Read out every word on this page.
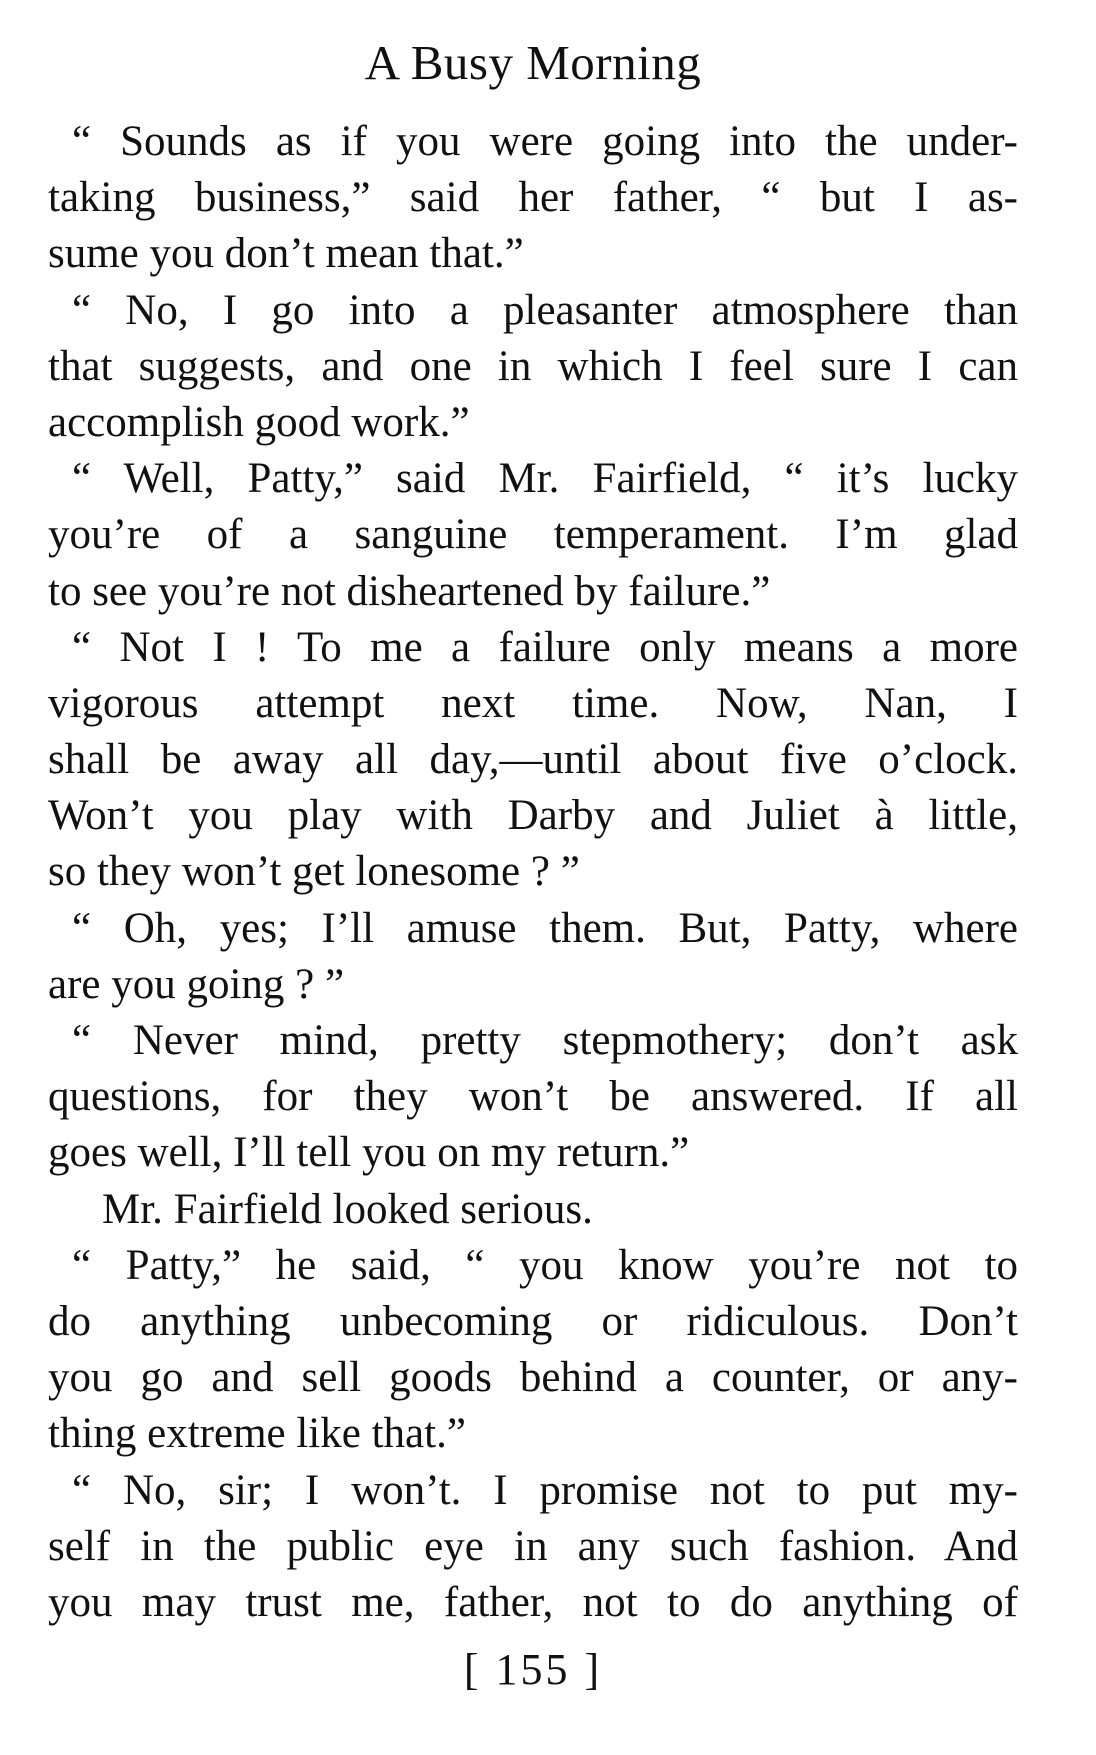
A Busy Morning
“ Sounds as if you were going into the under-
taking business,” said her father, “ but I as-
sume you don’t mean that.”
“ No, I go into a pleasanter atmosphere than
that suggests, and one in which I feel sure I can
accomplish good work.”
“ Well, Patty,” said Mr. Fairfield, “ it’s lucky
you’re of a sanguine temperament. I’m glad
to see you’re not disheartened by failure.”
“ Not I ! To me a failure only means a more
vigorous attempt next time. Now, Nan, I
shall be away all day,—until about five o’clock.
Won’t you play with Darby and Juliet à little,
so they won’t get lonesome ? ”
“ Oh, yes; I’ll amuse them. But, Patty, where
are you going ? ”
“ Never mind, pretty stepmothery; don’t ask
questions, for they won’t be answered. If all
goes well, I’ll tell you on my return.”
Mr. Fairfield looked serious.
“ Patty,” he said, “ you know you’re not to
do anything unbecoming or ridiculous. Don’t
you go and sell goods behind a counter, or any-
thing extreme like that.”
“ No, sir; I won’t. I promise not to put my-
self in the public eye in any such fashion. And
you may trust me, father, not to do anything of
[ 155 ]
